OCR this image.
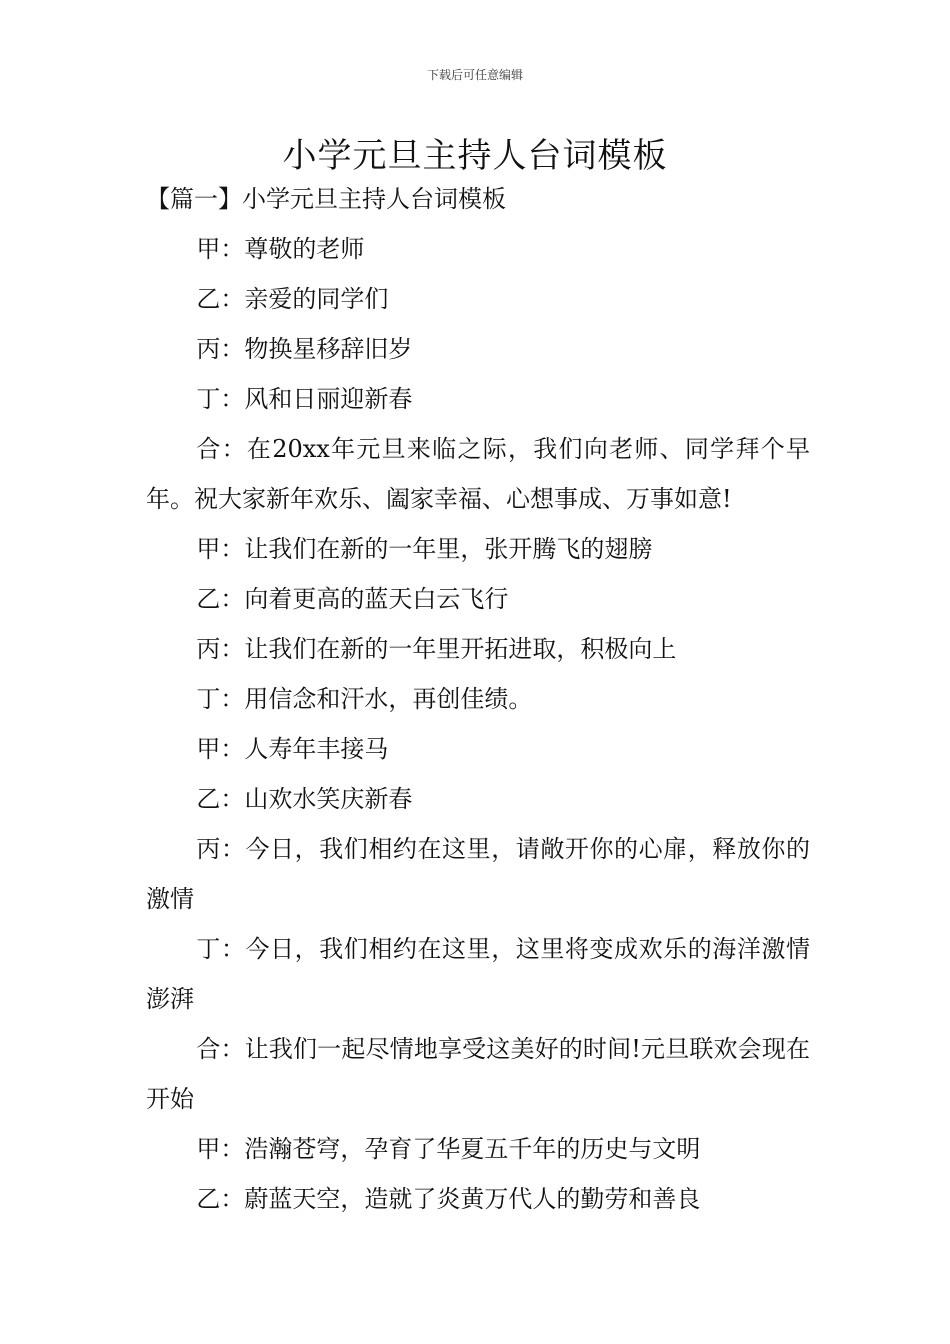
下载后可任意编辑
小学元旦主持人台词模板

【篇一】小学元旦主持人台词模板

甲：尊敬的老师

乙：亲爱的同学们

丙：物换星移辞旧岁

丁：风和日丽迎新春

合：在20xx年元旦来临之际，我们向老师、同学拜个早年。祝大家新年欢乐、阖家幸福、心想事成、万事如意!

甲：让我们在新的一年里，张开腾飞的翅膀

乙：向着更高的蓝天白云飞行

丙：让我们在新的一年里开拓进取，积极向上

丁：用信念和汗水，再创佳绩。

甲：人寿年丰接马

乙：山欢水笑庆新春

丙：今日，我们相约在这里，请敞开你的心扉，释放你的激情

丁：今日，我们相约在这里，这里将变成欢乐的海洋激情澎湃

合：让我们一起尽情地享受这美好的时间!元旦联欢会现在开始

甲：浩瀚苍穹，孕育了华夏五千年的历史与文明

乙：蔚蓝天空，造就了炎黄万代人的勤劳和善良
